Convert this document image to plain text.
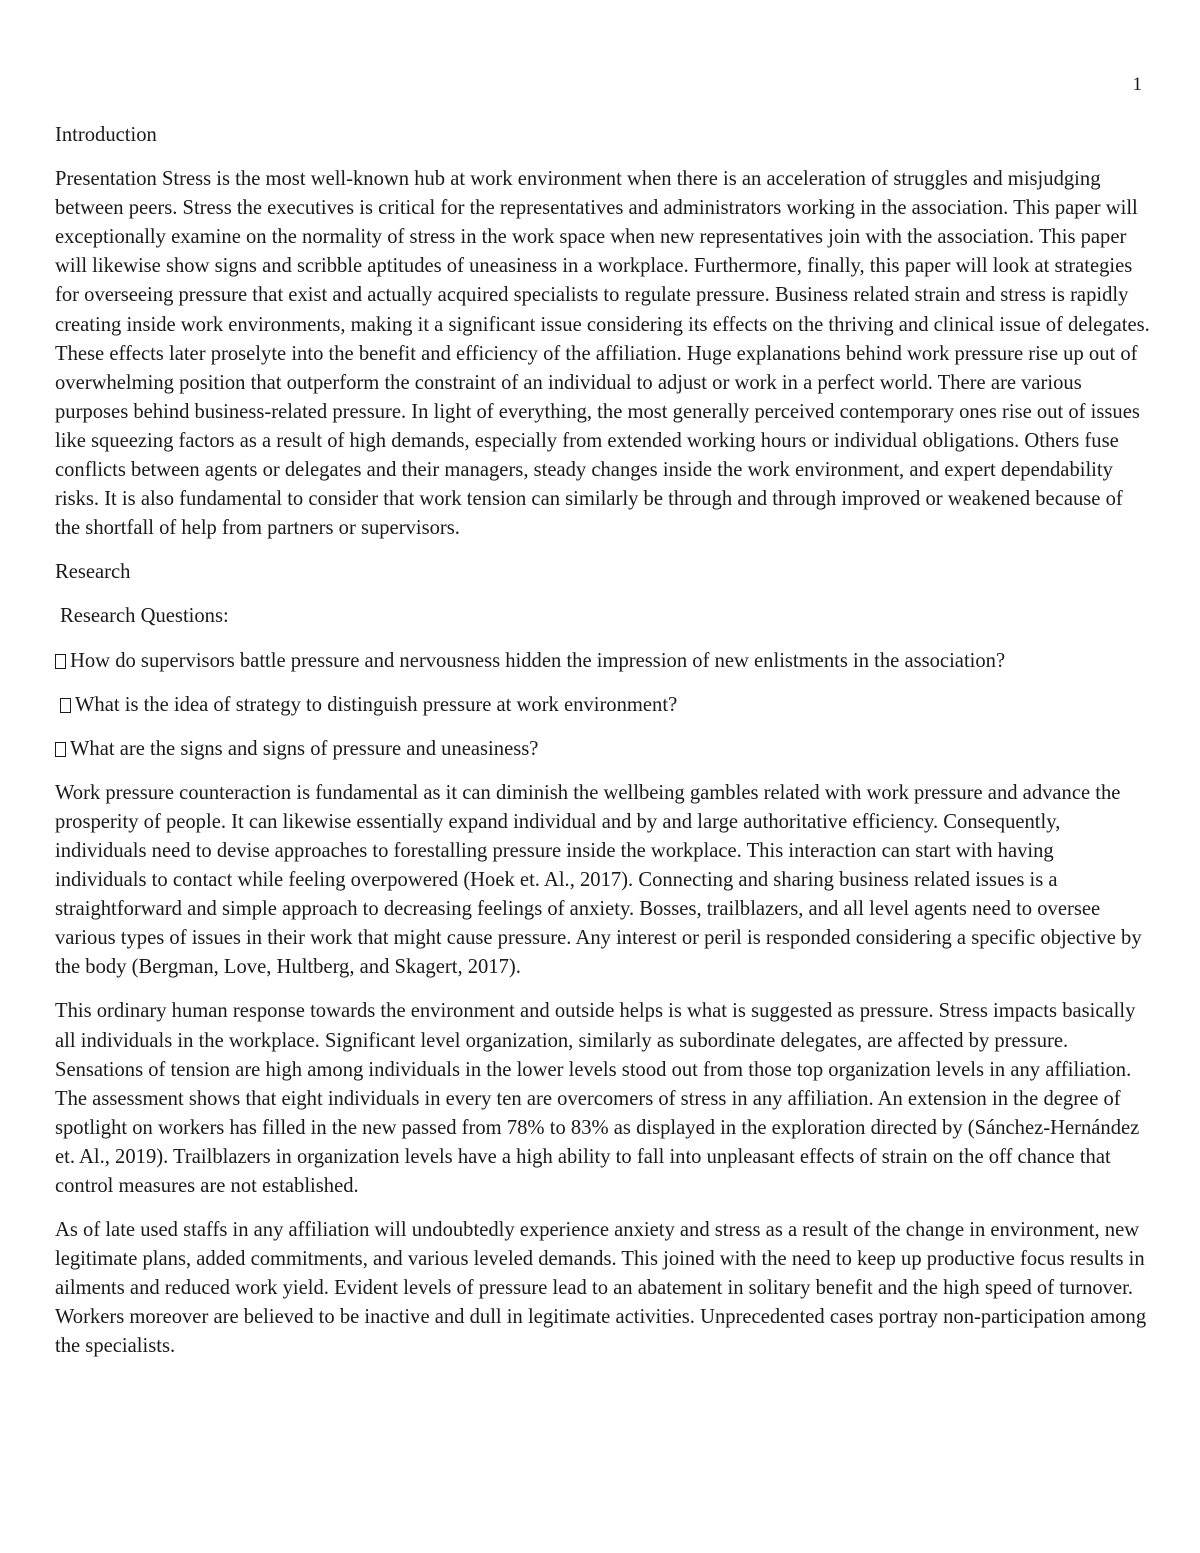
1
Introduction

Presentation Stress is the most well-known hub at work environment when there is an acceleration of struggles and misjudging between peers. Stress the executives is critical for the representatives and administrators working in the association. This paper will exceptionally examine on the normality of stress in the work space when new representatives join with the association. This paper will likewise show signs and scribble aptitudes of uneasiness in a workplace. Furthermore, finally, this paper will look at strategies for overseeing pressure that exist and actually acquired specialists to regulate pressure. Business related strain and stress is rapidly creating inside work environments, making it a significant issue considering its effects on the thriving and clinical issue of delegates. These effects later proselyte into the benefit and efficiency of the affiliation. Huge explanations behind work pressure rise up out of overwhelming position that outperform the constraint of an individual to adjust or work in a perfect world. There are various purposes behind business-related pressure. In light of everything, the most generally perceived contemporary ones rise out of issues like squeezing factors as a result of high demands, especially from extended working hours or individual obligations. Others fuse conflicts between agents or delegates and their managers, steady changes inside the work environment, and expert dependability risks. It is also fundamental to consider that work tension can similarly be through and through improved or weakened because of the shortfall of help from partners or supervisors.

Research
Research Questions:
How do supervisors battle pressure and nervousness hidden the impression of new enlistments in the association?
What is the idea of strategy to distinguish pressure at work environment?
What are the signs and signs of pressure and uneasiness?

Work pressure counteraction is fundamental as it can diminish the wellbeing gambles related with work pressure and advance the prosperity of people. It can likewise essentially expand individual and by and large authoritative efficiency. Consequently, individuals need to devise approaches to forestalling pressure inside the workplace. This interaction can start with having individuals to contact while feeling overpowered (Hoek et. Al., 2017). Connecting and sharing business related issues is a straightforward and simple approach to decreasing feelings of anxiety. Bosses, trailblazers, and all level agents need to oversee various types of issues in their work that might cause pressure. Any interest or peril is responded considering a specific objective by the body (Bergman, Love, Hultberg, and Skagert, 2017).

This ordinary human response towards the environment and outside helps is what is suggested as pressure. Stress impacts basically all individuals in the workplace. Significant level organization, similarly as subordinate delegates, are affected by pressure. Sensations of tension are high among individuals in the lower levels stood out from those top organization levels in any affiliation. The assessment shows that eight individuals in every ten are overcomers of stress in any affiliation. An extension in the degree of spotlight on workers has filled in the new passed from 78% to 83% as displayed in the exploration directed by (Sánchez-Hernández et. Al., 2019). Trailblazers in organization levels have a high ability to fall into unpleasant effects of strain on the off chance that control measures are not established.

As of late used staffs in any affiliation will undoubtedly experience anxiety and stress as a result of the change in environment, new legitimate plans, added commitments, and various leveled demands. This joined with the need to keep up productive focus results in ailments and reduced work yield. Evident levels of pressure lead to an abatement in solitary benefit and the high speed of turnover. Workers moreover are believed to be inactive and dull in legitimate activities. Unprecedented cases portray non-participation among the specialists.
